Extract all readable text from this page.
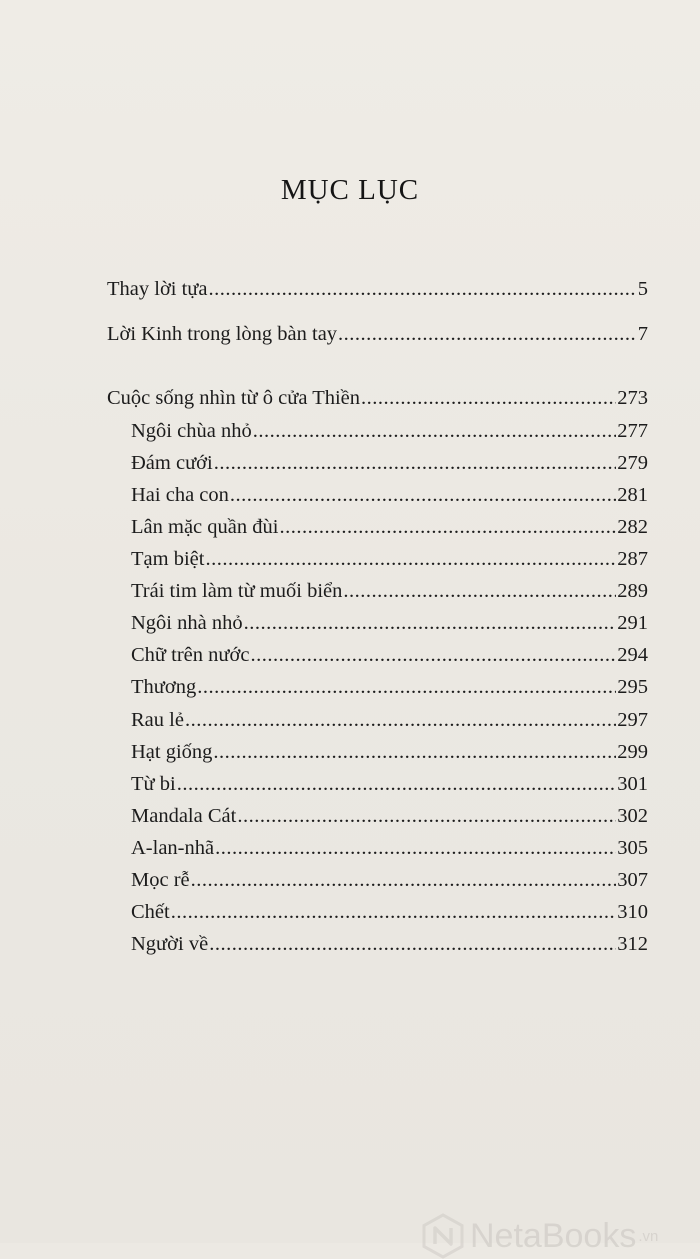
MỤC LỤC
Thay lời tựa .....	5
Lời Kinh trong lòng bàn tay .....	7
Cuộc sống nhìn từ ô cửa Thiền .....	273
Ngôi chùa nhỏ .....	277
Đám cưới .....	279
Hai cha con .....	281
Lân mặc quần đùi .....	282
Tạm biệt .....	287
Trái tim làm từ muối biển .....	289
Ngôi nhà nhỏ .....	291
Chữ trên nước .....	294
Thương .....	295
Rau lẻ .....	297
Hạt giống .....	299
Từ bi .....	301
Mandala Cát .....	302
A-lan-nhã .....	305
Mọc rễ .....	307
Chết .....	310
Người về .....	312
NetaBooks .vn
